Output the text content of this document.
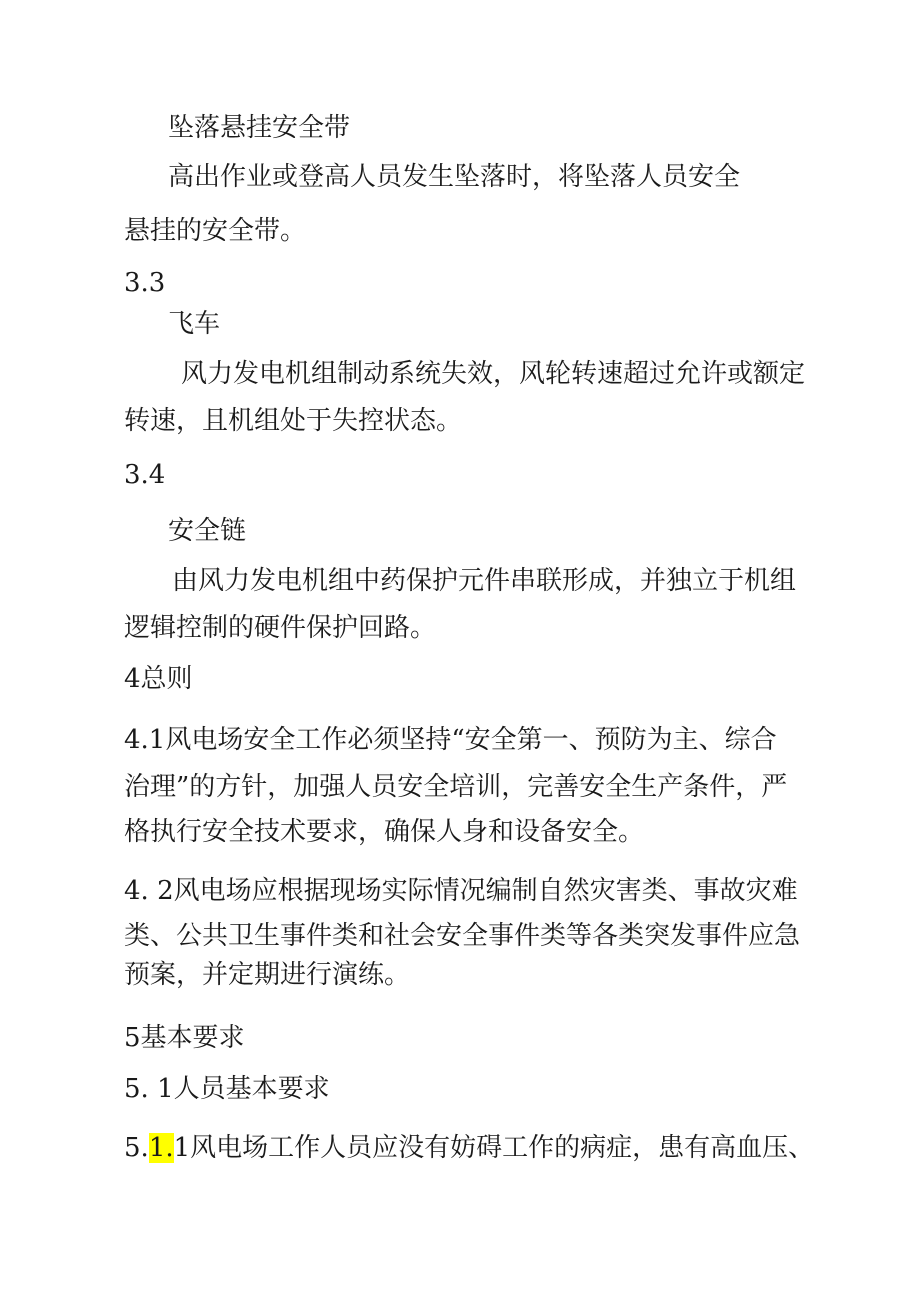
坠落悬挂安全带

高出作业或登高人员发生坠落时，将坠落人员安全

悬挂的安全带。

3.3

飞车

风力发电机组制动系统失效，风轮转速超过允许或额定

转速，且机组处于失控状态。

3.4

安全链

由风力发电机组中药保护元件串联形成，并独立于机组

逻辑控制的硬件保护回路。

4总则

4.1风电场安全工作必须坚持“安全第一、预防为主、综合

治理”的方针，加强人员安全培训，完善安全生产条件，严

格执行安全技术要求，确保人身和设备安全。

4. 2风电场应根据现场实际情况编制自然灾害类、事故灾难

类、公共卫生事件类和社会安全事件类等各类突发事件应急

预案，并定期进行演练。

5基本要求

5. 1人员基本要求

5.1.1风电场工作人员应没有妨碍工作的病症，患有高血压、
